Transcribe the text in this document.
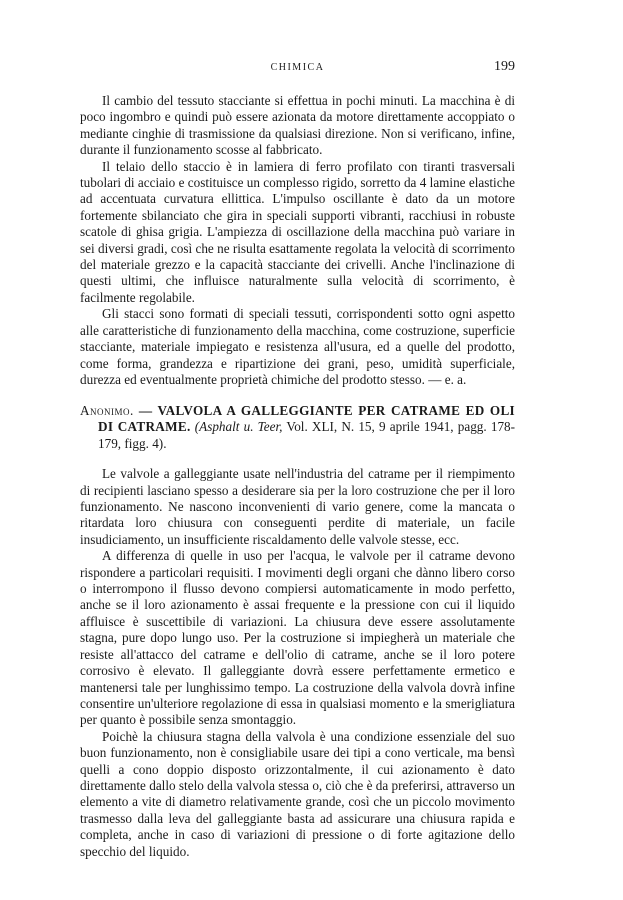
CHIMICA	199

Il cambio del tessuto stacciante si effettua in pochi minuti. La macchina è di poco ingombro e quindi può essere azionata da motore direttamente accoppiato o mediante cinghie di trasmissione da qualsiasi direzione. Non si verificano, infine, durante il funzionamento scosse al fabbricato.

Il telaio dello staccio è in lamiera di ferro profilato con tiranti trasversali tubolari di acciaio e costituisce un complesso rigido, sorretto da 4 lamine elastiche ad accentuata curvatura ellittica. L'impulso oscillante è dato da un motore fortemente sbilanciato che gira in speciali supporti vibranti, racchiusi in robuste scatole di ghisa grigia. L'ampiezza di oscillazione della macchina può variare in sei diversi gradi, così che ne risulta esattamente regolata la velocità di scorrimento del materiale grezzo e la capacità stacciante dei crivelli. Anche l'inclinazione di questi ultimi, che influisce naturalmente sulla velocità di scorrimento, è facilmente regolabile.

Gli stacci sono formati di speciali tessuti, corrispondenti sotto ogni aspetto alle caratteristiche di funzionamento della macchina, come costruzione, superficie stacciante, materiale impiegato e resistenza all'usura, ed a quelle del prodotto, come forma, grandezza e ripartizione dei grani, peso, umidità superficiale, durezza ed eventualmente proprietà chimiche del prodotto stesso. — e. a.

Anonimo. — VALVOLA A GALLEGGIANTE PER CATRAME ED OLI DI CATRAME. (Asphalt u. Teer, Vol. XLI, N. 15, 9 aprile 1941, pagg. 178-179, figg. 4).

Le valvole a galleggiante usate nell'industria del catrame per il riempimento di recipienti lasciano spesso a desiderare sia per la loro costruzione che per il loro funzionamento. Ne nascono inconvenienti di vario genere, come la mancata o ritardata loro chiusura con conseguenti perdite di materiale, un facile insudiciamento, un insufficiente riscaldamento delle valvole stesse, ecc.

A differenza di quelle in uso per l'acqua, le valvole per il catrame devono rispondere a particolari requisiti. I movimenti degli organi che dànno libero corso o interrompono il flusso devono compiersi automaticamente in modo perfetto, anche se il loro azionamento è assai frequente e la pressione con cui il liquido affluisce è suscettibile di variazioni. La chiusura deve essere assolutamente stagna, pure dopo lungo uso. Per la costruzione si impiegherà un materiale che resiste all'attacco del catrame e dell'olio di catrame, anche se il loro potere corrosivo è elevato. Il galleggiante dovrà essere perfettamente ermetico e mantenersi tale per lunghissimo tempo. La costruzione della valvola dovrà infine consentire un'ulteriore regolazione di essa in qualsiasi momento e la smerigliatura per quanto è possibile senza smontaggio.

Poichè la chiusura stagna della valvola è una condizione essenziale del suo buon funzionamento, non è consigliabile usare dei tipi a cono verticale, ma bensì quelli a cono doppio disposto orizzontalmente, il cui azionamento è dato direttamente dallo stelo della valvola stessa o, ciò che è da preferirsi, attraverso un elemento a vite di diametro relativamente grande, così che un piccolo movimento trasmesso dalla leva del galleggiante basta ad assicurare una chiusura rapida e completa, anche in caso di variazioni di pressione o di forte agitazione dello specchio del liquido.
